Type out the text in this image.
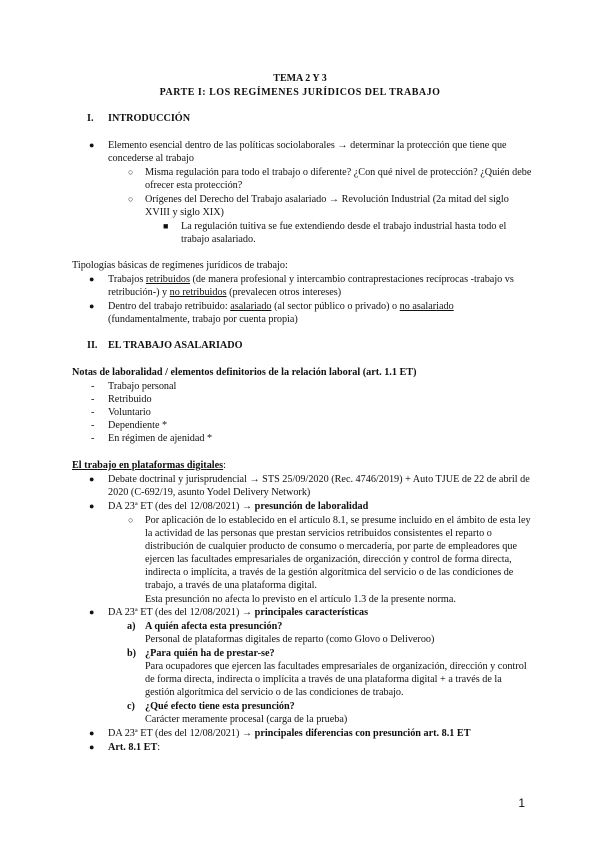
TEMA 2 Y 3
PARTE I: LOS REGÍMENES JURÍDICOS DEL TRABAJO
I. INTRODUCCIÓN
● Elemento esencial dentro de las políticas sociolaborales → determinar la protección que tiene que
concederse al trabajo
○ Misma regulación para todo el trabajo o diferente? ¿Con qué nivel de protección? ¿Quién debe
ofrecer esta protección?
○ Orígenes del Derecho del Trabajo asalariado → Revolución Industrial (2a mitad del siglo
XVIII y siglo XIX)
■ La regulación tuitiva se fue extendiendo desde el trabajo industrial hasta todo el
trabajo asalariado.
Tipologías básicas de regímenes jurídicos de trabajo:
● Trabajos retribuidos (de manera profesional y intercambio contraprestaciones recíprocas -trabajo vs
retribución-) y no retribuidos (prevalecen otros intereses)
● Dentro del trabajo retribuido: asalariado (al sector público o privado) o no asalariado
(fundamentalmente, trabajo por cuenta propia)
II. EL TRABAJO ASALARIADO
Notas de laboralidad / elementos definitorios de la relación laboral (art. 1.1 ET)
- Trabajo personal
- Retribuido
- Voluntario
- Dependiente *
- En régimen de ajenidad *
El trabajo en plataformas digitales:
● Debate doctrinal y jurisprudencial → STS 25/09/2020 (Rec. 4746/2019) + Auto TJUE de 22 de abril de
2020 (C-692/19, asunto Yodel Delivery Network)
● DA 23ª ET (des del 12/08/2021) → presunción de laboralidad
○ Por aplicación de lo establecido en el artículo 8.1, se presume incluido en el ámbito de esta ley
la actividad de las personas que prestan servicios retribuidos consistentes el reparto o
distribución de cualquier producto de consumo o mercadería, por parte de empleadores que
ejercen las facultades empresariales de organización, dirección y control de forma directa,
indirecta o implícita, a través de la gestión algorítmica del servicio o de las condiciones de
trabajo, a través de una plataforma digital.
Esta presunción no afecta lo previsto en el artículo 1.3 de la presente norma.
● DA 23ª ET (des del 12/08/2021) → principales características
a) A quién afecta esta presunción?
Personal de plataformas digitales de reparto (como Glovo o Deliveroo)
b) ¿Para quién ha de prestar-se?
Para ocupadores que ejercen las facultades empresariales de organización, dirección y control
de forma directa, indirecta o implícita a través de una plataforma digital + a través de la
gestión algorítmica del servicio o de las condiciones de trabajo.
c) ¿Qué efecto tiene esta presunción?
Carácter meramente procesal (carga de la prueba)
● DA 23ª ET (des del 12/08/2021) → principales diferencias con presunción art. 8.1 ET
● Art. 8.1 ET:
1
